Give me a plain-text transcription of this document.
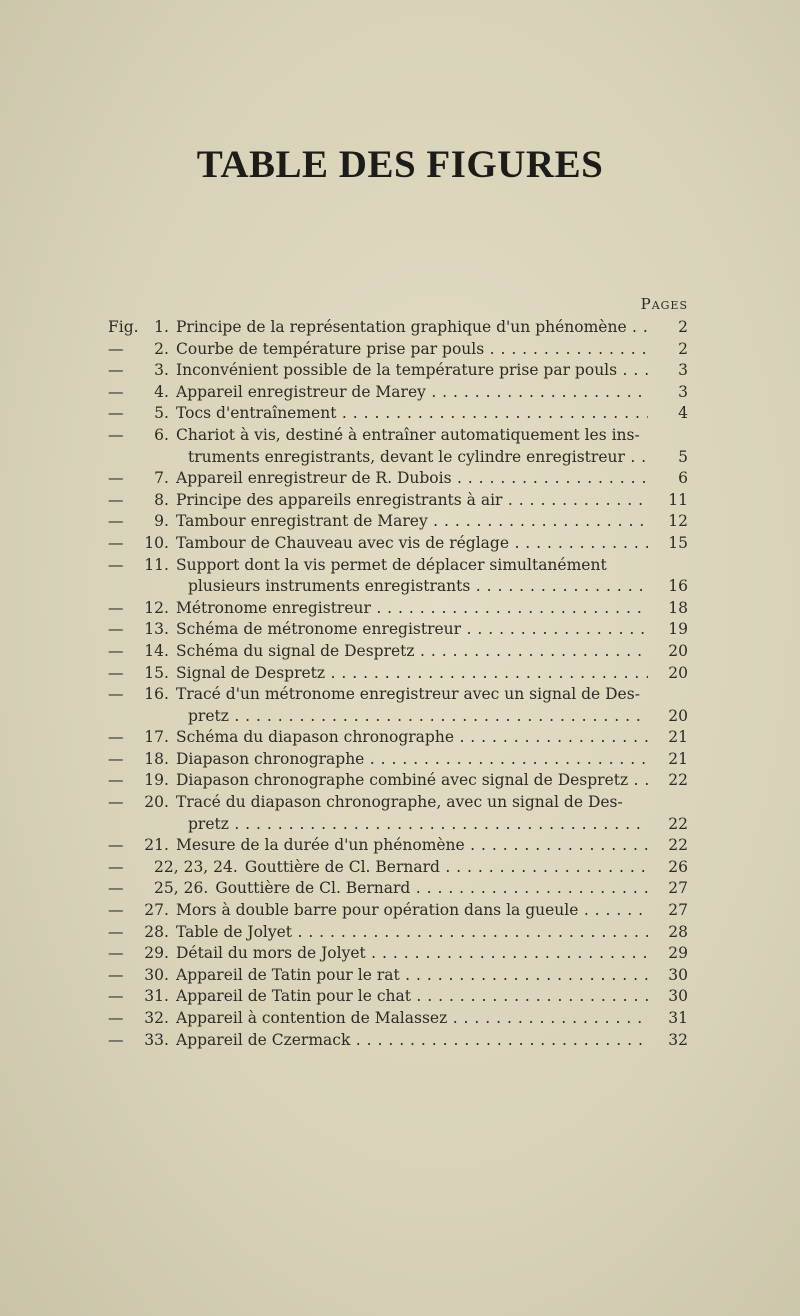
TABLE DES FIGURES
Pages
Fig.	1 . Principe de la représentation graphique d'un phénomène . . .	2
—	2 . Courbe de température prise par pouls . . .	2
—	3 . Inconvénient possible de la température prise par pouls . . .	3
—	4 . Appareil enregistreur de Marey . . .	3
—	5 . Tocs d'entraînement . . .	4
—	6 . Chariot à vis, destiné à entraîner automatiquement les ins-
truments enregistrants, devant le cylindre enregistreur . . .	5
—	7 . Appareil enregistreur de R. Dubois . . .	6
—	8 . Principe des appareils enregistrants à air . . .	11
—	9 . Tambour enregistrant de Marey . . .	12
—	10 . Tambour de Chauveau avec vis de réglage . . .	15
—	11 . Support dont la vis permet de déplacer simultanément
plusieurs instruments enregistrants . . .	16
—	12 . Métronome enregistreur . . .	18
—	13 . Schéma de métronome enregistreur . . .	19
—	14 . Schéma du signal de Despretz . . .	20
—	15 . Signal de Despretz . . .	20
—	16 . Tracé d'un métronome enregistreur avec un signal de Des-
pretz . . .	20
—	17 . Schéma du diapason chronographe . . .	21
—	18 . Diapason chronographe . . .	21
—	19 . Diapason chronographe combiné avec signal de Despretz . . .	22
—	20 . Tracé du diapason chronographe, avec un signal de Des-
pretz . . .	22
—	21 . Mesure de la durée d'un phénomène . . .	22
—	22, 23, 24 . Gouttière de Cl. Bernard . . .	26
—	25, 26 . Gouttière de Cl. Bernard . . .	27
—	27 . Mors à double barre pour opération dans la gueule . . .	27
—	28 . Table de Jolyet . . .	28
—	29 . Détail du mors de Jolyet . . .	29
—	30 . Appareil de Tatin pour le rat . . .	30
—	31 . Appareil de Tatin pour le chat . . .	30
—	32 . Appareil à contention de Malassez . . .	31
—	33 . Appareil de Czermack . . .	32
